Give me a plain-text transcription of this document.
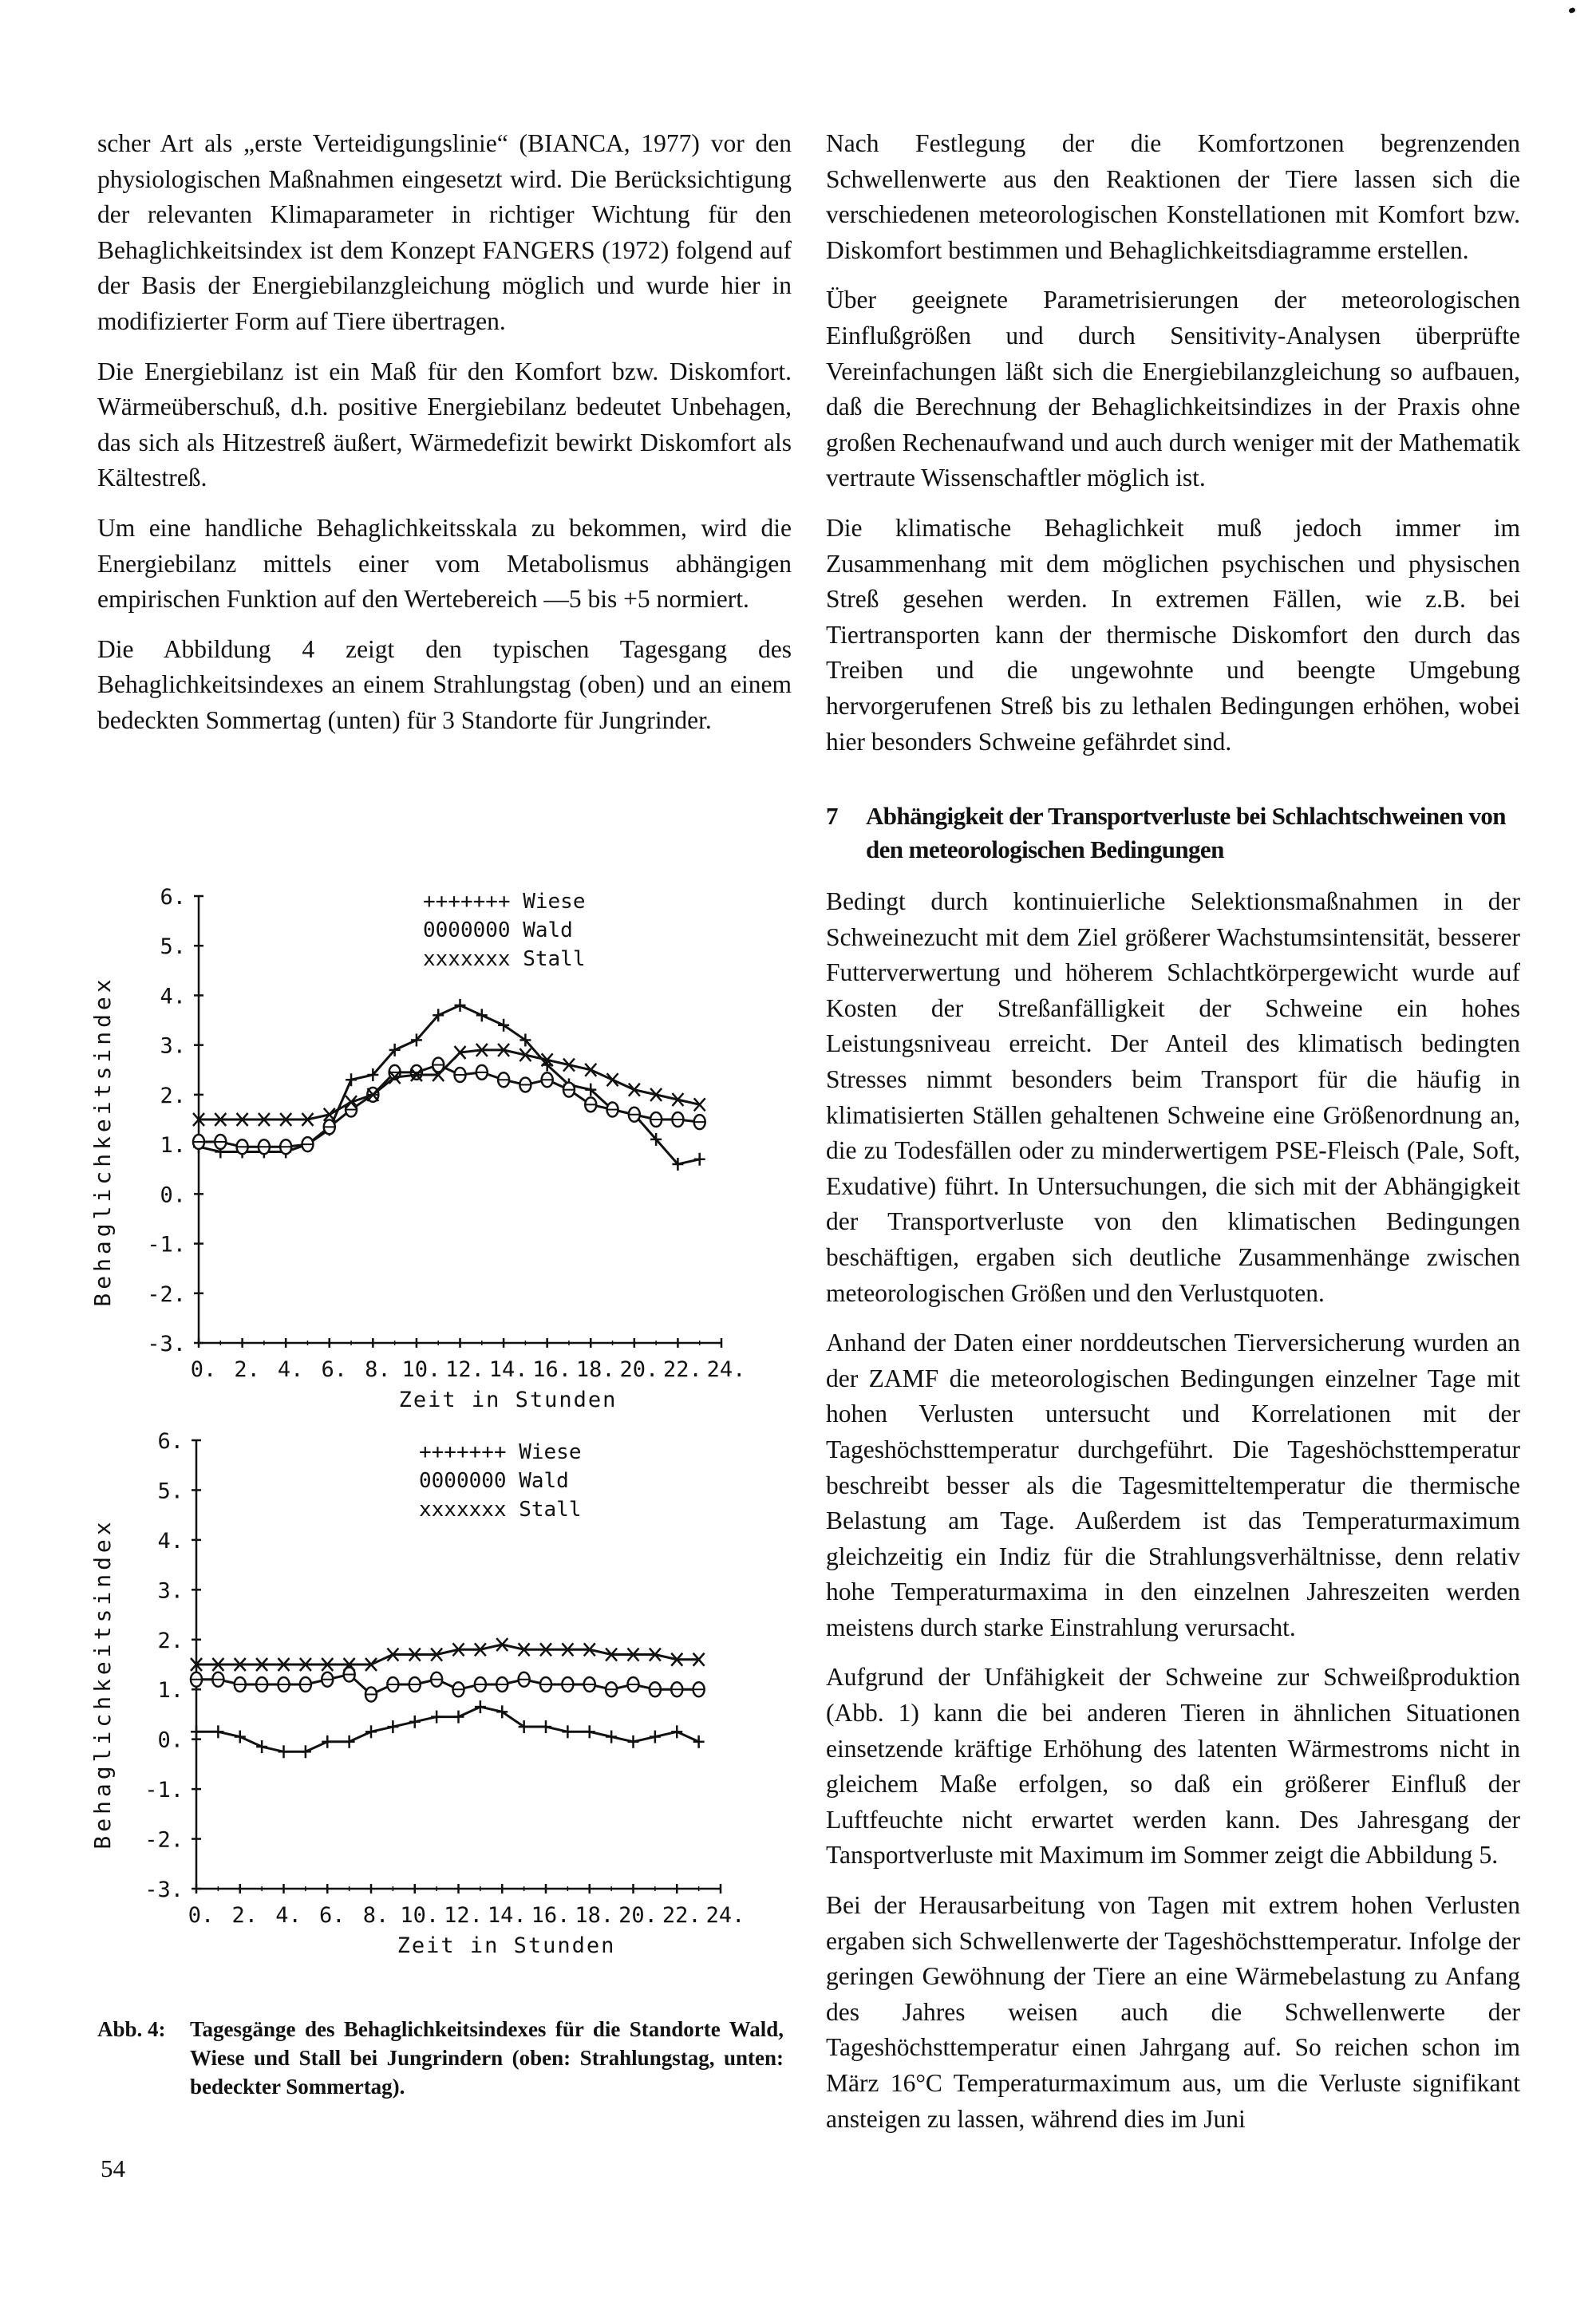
scher Art als „erste Verteidigungslinie“ (BIANCA, 1977) vor den physiologischen Maßnahmen eingesetzt wird. Die Berücksichtigung der relevanten Klimaparameter in richtiger Wichtung für den Behaglichkeitsindex ist dem Konzept FANGERS (1972) folgend auf der Basis der Energiebilanzgleichung möglich und wurde hier in modifizierter Form auf Tiere übertragen.

Die Energiebilanz ist ein Maß für den Komfort bzw. Diskomfort. Wärmeüberschuß, d.h. positive Energiebilanz bedeutet Unbehagen, das sich als Hitzestreß äußert, Wärmedefizit bewirkt Diskomfort als Kältestreß.

Um eine handliche Behaglichkeitsskala zu bekommen, wird die Energiebilanz mittels einer vom Metabolismus abhängigen empirischen Funktion auf den Wertebereich —5 bis +5 normiert.

Die Abbildung 4 zeigt den typischen Tagesgang des Behaglichkeitsindexes an einem Strahlungstag (oben) und an einem bedeckten Sommertag (unten) für 3 Standorte für Jungrinder.

Nach Festlegung der die Komfortzonen begrenzenden Schwellenwerte aus den Reaktionen der Tiere lassen sich die verschiedenen meteorologischen Konstellationen mit Komfort bzw. Diskomfort bestimmen und Behaglichkeitsdiagramme erstellen.

Über geeignete Parametrisierungen der meteorologischen Einflußgrößen und durch Sensitivity-Analysen überprüfte Vereinfachungen läßt sich die Energiebilanzgleichung so aufbauen, daß die Berechnung der Behaglichkeitsindizes in der Praxis ohne großen Rechenaufwand und auch durch weniger mit der Mathematik vertraute Wissenschaftler möglich ist.

Die klimatische Behaglichkeit muß jedoch immer im Zusammenhang mit dem möglichen psychischen und physischen Streß gesehen werden. In extremen Fällen, wie z.B. bei Tiertransporten kann der thermische Diskomfort den durch das Treiben und die ungewohnte und beengte Umgebung hervorgerufenen Streß bis zu lethalen Bedingungen erhöhen, wobei hier besonders Schweine gefährdet sind.

7 Abhängigkeit der Transportverluste bei Schlachtschweinen von den meteorologischen Bedingungen

Bedingt durch kontinuierliche Selektionsmaßnahmen in der Schweinezucht mit dem Ziel größerer Wachstumsintensität, besserer Futterverwertung und höherem Schlachtkörpergewicht wurde auf Kosten der Streßanfälligkeit der Schweine ein hohes Leistungsniveau erreicht. Der Anteil des klimatisch bedingten Stresses nimmt besonders beim Transport für die häufig in klimatisierten Ställen gehaltenen Schweine eine Größenordnung an, die zu Todesfällen oder zu minderwertigem PSE-Fleisch (Pale, Soft, Exudative) führt. In Untersuchungen, die sich mit der Abhängigkeit der Transportverluste von den klimatischen Bedingungen beschäftigen, ergaben sich deutliche Zusammenhänge zwischen meteorologischen Größen und den Verlustquoten.

Anhand der Daten einer norddeutschen Tierversicherung wurden an der ZAMF die meteorologischen Bedingungen einzelner Tage mit hohen Verlusten untersucht und Korrelationen mit der Tageshöchsttemperatur durchgeführt. Die Tageshöchsttemperatur beschreibt besser als die Tagesmitteltemperatur die thermische Belastung am Tage. Außerdem ist das Temperaturmaximum gleichzeitig ein Indiz für die Strahlungsverhältnisse, denn relativ hohe Temperaturmaxima in den einzelnen Jahreszeiten werden meistens durch starke Einstrahlung verursacht.

Aufgrund der Unfähigkeit der Schweine zur Schweißproduktion (Abb. 1) kann die bei anderen Tieren in ähnlichen Situationen einsetzende kräftige Erhöhung des latenten Wärmestroms nicht in gleichem Maße erfolgen, so daß ein größerer Einfluß der Luftfeuchte nicht erwartet werden kann. Des Jahresgang der Tansportverluste mit Maximum im Sommer zeigt die Abbildung 5.

Bei der Herausarbeitung von Tagen mit extrem hohen Verlusten ergaben sich Schwellenwerte der Tageshöchsttemperatur. Infolge der geringen Gewöhnung der Tiere an eine Wärmebelastung zu Anfang des Jahres weisen auch die Schwellenwerte der Tageshöchsttemperatur einen Jahrgang auf. So reichen schon im März 16°C Temperaturmaximum aus, um die Verluste signifikant ansteigen zu lassen, während dies im Juni

6.
5.
4.
3.
2.
1.
0.
-1.
-2.
-3.
0. 2. 4. 6. 8. 10. 12. 14. 16. 18. 20. 22. 24.
Zeit in Stunden
Behaglichkeitsindex
+++++++ Wiese
0000000 Wald
xxxxxxx Stall
6.
5.
4.
3.
2.
1.
0.
-1.
-2.
-3.
0. 2. 4. 6. 8. 10. 12. 14. 16. 18. 20. 22. 24.
Zeit in Stunden
Behaglichkeitsindex
+++++++ Wiese
0000000 Wald
xxxxxxx Stall
Abb. 4: Tagesgänge des Behaglichkeitsindexes für die Standorte Wald, Wiese und Stall bei Jungrindern (oben: Strahlungstag, unten: bedeckter Sommertag).
54
